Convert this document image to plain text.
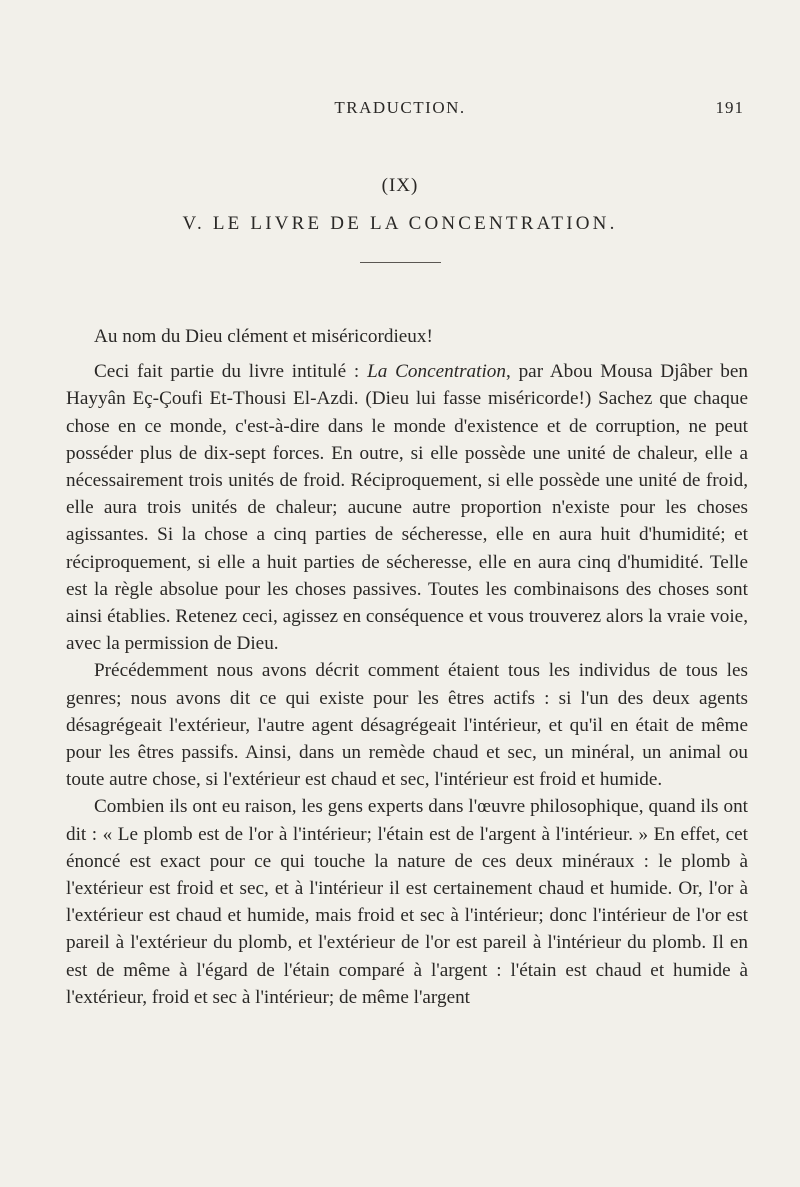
TRADUCTION.	191
(IX)
V. LE LIVRE DE LA CONCENTRATION.

Au nom du Dieu clément et miséricordieux!

Ceci fait partie du livre intitulé : La Concentration, par Abou Mousa Djâber ben Hayyân Eç-Çoufi Et-Thousi El-Azdi. (Dieu lui fasse miséricorde!) Sachez que chaque chose en ce monde, c'est-à-dire dans le monde d'existence et de corruption, ne peut posséder plus de dix-sept forces. En outre, si elle possède une unité de chaleur, elle a nécessairement trois unités de froid. Réciproquement, si elle possède une unité de froid, elle aura trois unités de chaleur; aucune autre proportion n'existe pour les choses agissantes. Si la chose a cinq parties de sécheresse, elle en aura huit d'humidité; et réciproquement, si elle a huit parties de sécheresse, elle en aura cinq d'humidité. Telle est la règle absolue pour les choses passives. Toutes les combinaisons des choses sont ainsi établies. Retenez ceci, agissez en conséquence et vous trouverez alors la vraie voie, avec la permission de Dieu.

Précédemment nous avons décrit comment étaient tous les individus de tous les genres; nous avons dit ce qui existe pour les êtres actifs : si l'un des deux agents désagrégeait l'extérieur, l'autre agent désagrégeait l'intérieur, et qu'il en était de même pour les êtres passifs. Ainsi, dans un remède chaud et sec, un minéral, un animal ou toute autre chose, si l'extérieur est chaud et sec, l'intérieur est froid et humide.

Combien ils ont eu raison, les gens experts dans l'œuvre philosophique, quand ils ont dit : « Le plomb est de l'or à l'intérieur; l'étain est de l'argent à l'intérieur. » En effet, cet énoncé est exact pour ce qui touche la nature de ces deux minéraux : le plomb à l'extérieur est froid et sec, et à l'intérieur il est certainement chaud et humide. Or, l'or à l'extérieur est chaud et humide, mais froid et sec à l'intérieur; donc l'intérieur de l'or est pareil à l'extérieur du plomb, et l'extérieur de l'or est pareil à l'intérieur du plomb. Il en est de même à l'égard de l'étain comparé à l'argent : l'étain est chaud et humide à l'extérieur, froid et sec à l'intérieur; de même l'argent
